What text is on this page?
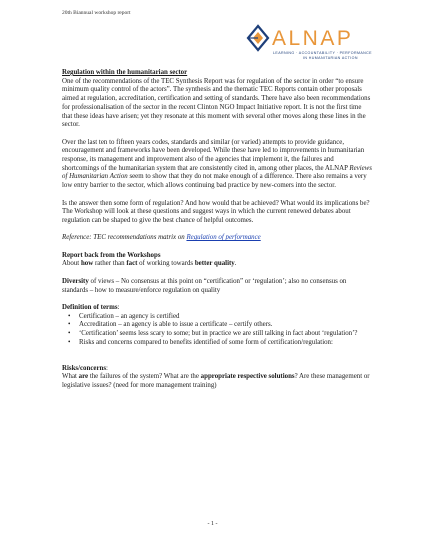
20th Biannual workshop report
ALNAP
LEARNING · ACCOUNTABILITY · PERFORMANCE
IN HUMANITARIAN ACTION
Regulation within the humanitarian sector

One of the recommendations of the TEC Synthesis Report was for regulation of the sector in order “to ensure minimum quality control of the actors”. The synthesis and the thematic TEC Reports contain other proposals aimed at regulation, accreditation, certification and setting of standards. There have also been recommendations for professionalisation of the sector in the recent Clinton NGO Impact Initiative report. It is not the first time that these ideas have arisen; yet they resonate at this moment with several other moves along these lines in the sector.

Over the last ten to fifteen years codes, standards and similar (or varied) attempts to provide guidance, encouragement and frameworks have been developed. While these have led to improvements in humanitarian response, its management and improvement also of the agencies that implement it, the failures and shortcomings of the humanitarian system that are consistently cited in, among other places, the ALNAP Reviews of Humanitarian Action seem to show that they do not make enough of a difference. There also remains a very low entry barrier to the sector, which allows continuing bad practice by new-comers into the sector.

Is the answer then some form of regulation? And how would that be achieved? What would its implications be? The Workshop will look at these questions and suggest ways in which the current renewed debates about regulation can be shaped to give the best chance of helpful outcomes.

Reference: TEC recommendations matrix on Regulation of performance

Report back from the Workshops

About how rather than fact of working towards better quality.

Diversity of views – No consensus at this point on “certification” or ‘regulation’; also no consensus on standards – how to measure/enforce regulation on quality

Definition of terms:
• Certification – an agency is certified
• Accreditation – an agency is able to issue a certificate – certify others.
• ‘Certification’ seems less scary to some; but in practice we are still talking in fact about ‘regulation’?
• Risks and concerns compared to benefits identified of some form of certification/regulation:
Risks/concerns:

What are the failures of the system? What are the appropriate respective solutions? Are these management or legislative issues? (need for more management training)

- 1 -
